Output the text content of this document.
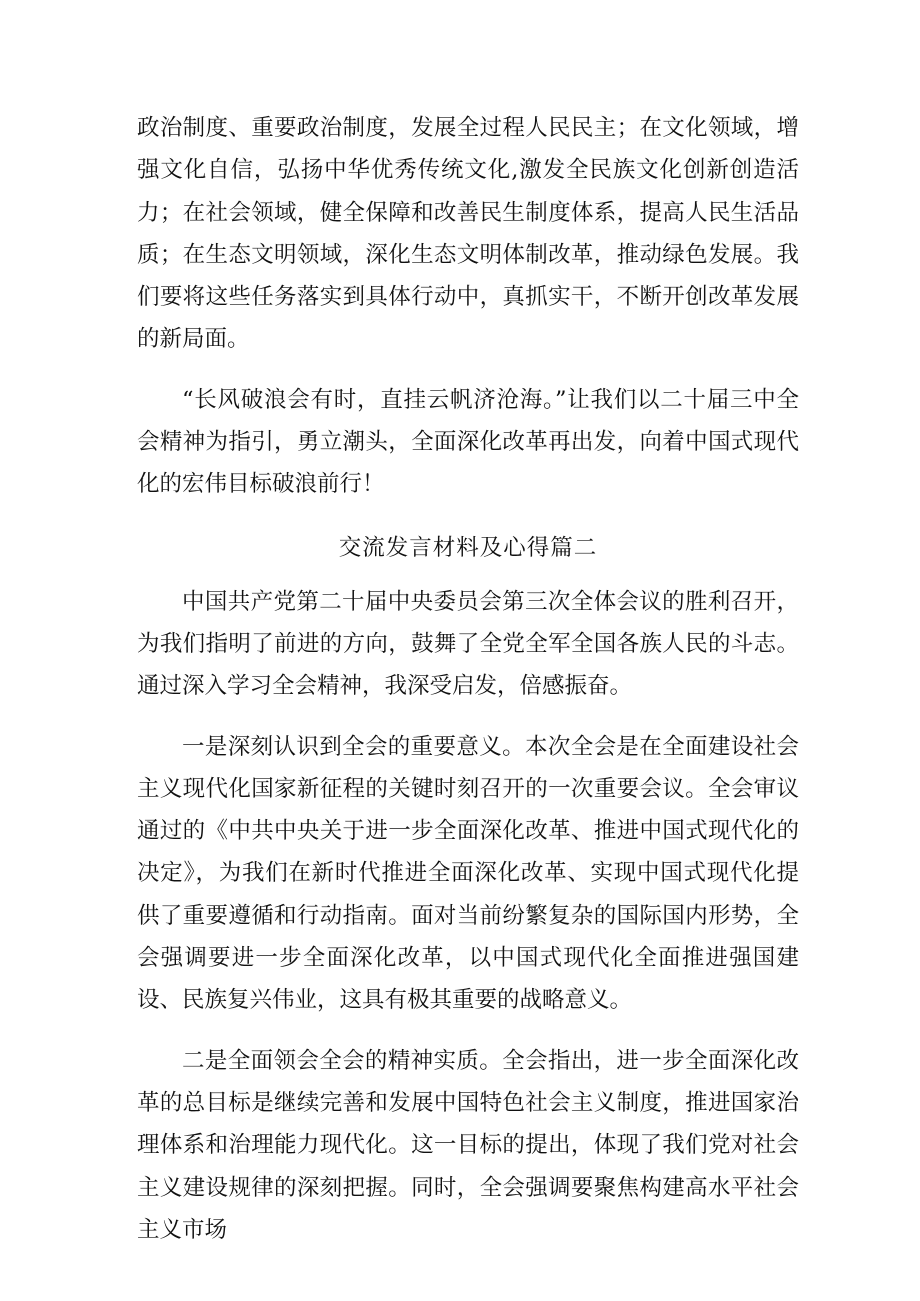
政治制度、重要政治制度，发展全过程人民民主；在文化领域，增强文化自信，弘扬中华优秀传统文化,激发全民族文化创新创造活力；在社会领域，健全保障和改善民生制度体系，提高人民生活品质；在生态文明领域，深化生态文明体制改革，推动绿色发展。我们要将这些任务落实到具体行动中，真抓实干，不断开创改革发展的新局面。

“长风破浪会有时，直挂云帆济沧海。”让我们以二十届三中全会精神为指引，勇立潮头，全面深化改革再出发，向着中国式现代化的宏伟目标破浪前行！

交流发言材料及心得篇二

中国共产党第二十届中央委员会第三次全体会议的胜利召开，为我们指明了前进的方向，鼓舞了全党全军全国各族人民的斗志。通过深入学习全会精神，我深受启发，倍感振奋。

一是深刻认识到全会的重要意义。本次全会是在全面建设社会主义现代化国家新征程的关键时刻召开的一次重要会议。全会审议通过的《中共中央关于进一步全面深化改革、推进中国式现代化的决定》，为我们在新时代推进全面深化改革、实现中国式现代化提供了重要遵循和行动指南。面对当前纷繁复杂的国际国内形势，全会强调要进一步全面深化改革，以中国式现代化全面推进强国建设、民族复兴伟业，这具有极其重要的战略意义。

二是全面领会全会的精神实质。全会指出，进一步全面深化改革的总目标是继续完善和发展中国特色社会主义制度，推进国家治理体系和治理能力现代化。这一目标的提出，体现了我们党对社会主义建设规律的深刻把握。同时，全会强调要聚焦构建高水平社会主义市场
